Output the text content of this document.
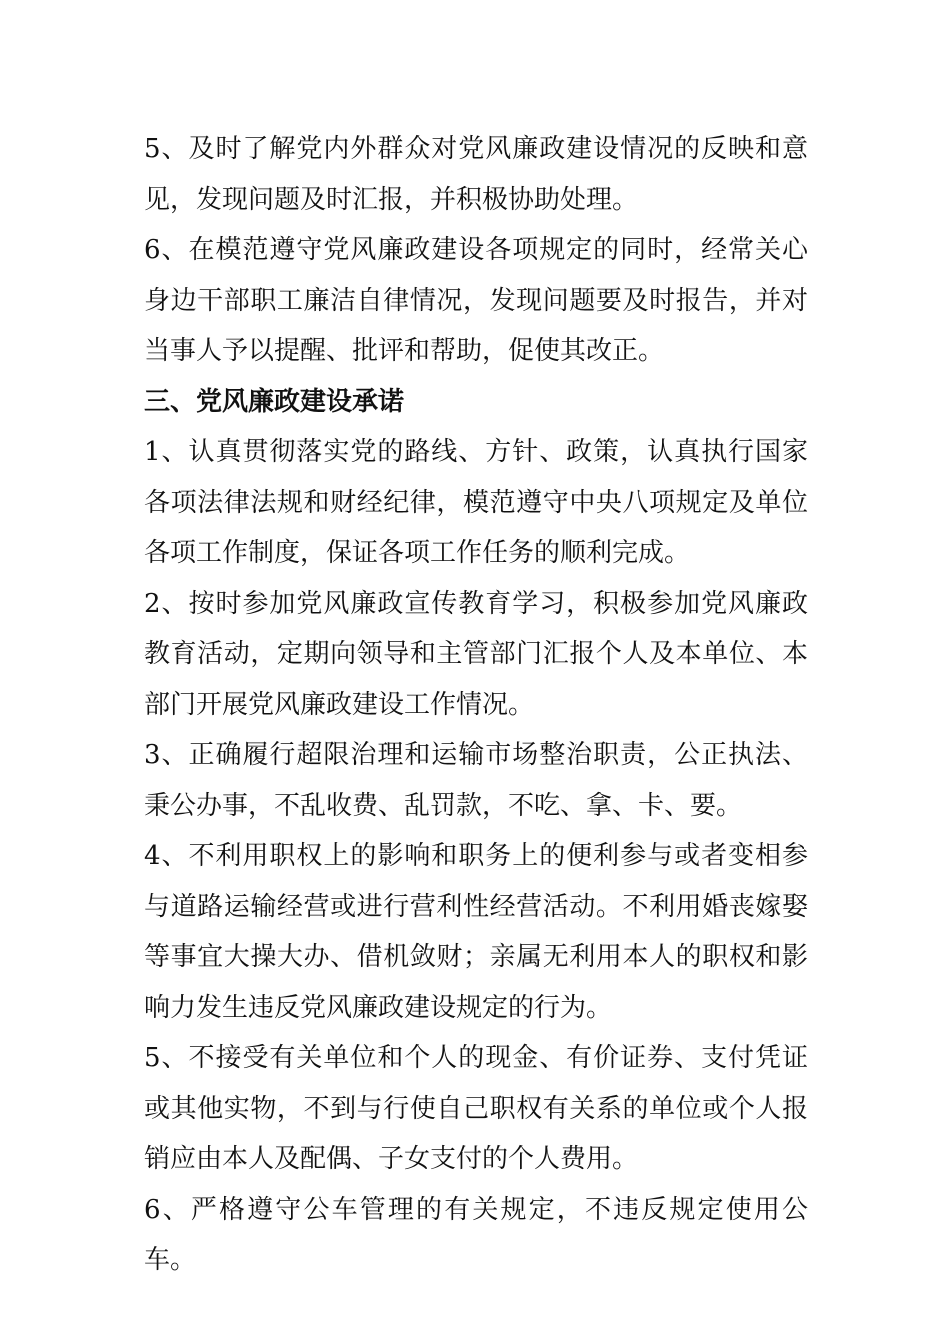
5、及时了解党内外群众对党风廉政建设情况的反映和意见，发现问题及时汇报，并积极协助处理。

6、在模范遵守党风廉政建设各项规定的同时，经常关心身边干部职工廉洁自律情况，发现问题要及时报告，并对当事人予以提醒、批评和帮助，促使其改正。

三、党风廉政建设承诺

1、认真贯彻落实党的路线、方针、政策，认真执行国家各项法律法规和财经纪律，模范遵守中央八项规定及单位各项工作制度，保证各项工作任务的顺利完成。

2、按时参加党风廉政宣传教育学习，积极参加党风廉政教育活动，定期向领导和主管部门汇报个人及本单位、本部门开展党风廉政建设工作情况。

3、正确履行超限治理和运输市场整治职责，公正执法、秉公办事，不乱收费、乱罚款，不吃、拿、卡、要。

4、不利用职权上的影响和职务上的便利参与或者变相参与道路运输经营或进行营利性经营活动。不利用婚丧嫁娶等事宜大操大办、借机敛财；亲属无利用本人的职权和影响力发生违反党风廉政建设规定的行为。

5、不接受有关单位和个人的现金、有价证券、支付凭证或其他实物，不到与行使自己职权有关系的单位或个人报销应由本人及配偶、子女支付的个人费用。

6、严格遵守公车管理的有关规定，不违反规定使用公车。
